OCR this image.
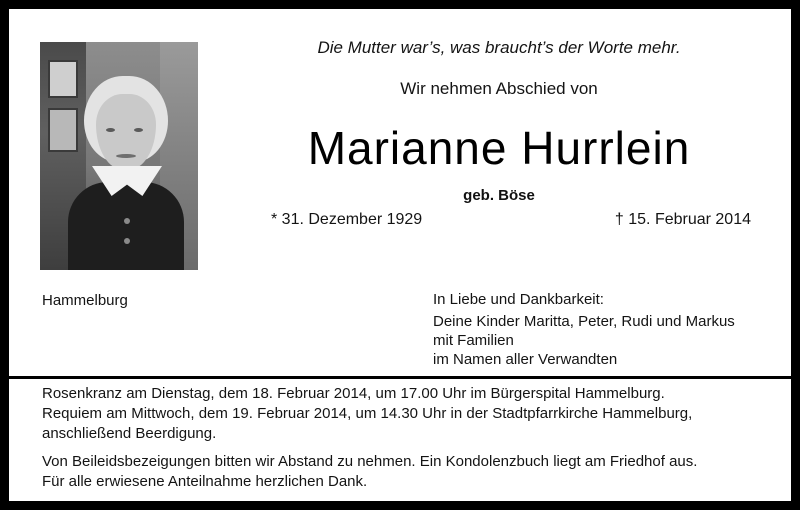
Die Mutter war’s, was braucht’s der Worte mehr.
Wir nehmen Abschied von
Marianne Hurrlein
geb. Böse
* 31. Dezember 1929	† 15. Februar 2014
Hammelburg	In Liebe und Dankbarkeit:
Deine Kinder Maritta, Peter, Rudi und Markus
mit Familien
im Namen aller Verwandten
Rosenkranz am Dienstag, dem 18. Februar 2014, um 17.00 Uhr im Bürgerspital Hammelburg.
Requiem am Mittwoch, dem 19. Februar 2014, um 14.30 Uhr in der Stadtpfarrkirche Hammelburg,
anschließend Beerdigung.
Von Beileidsbezeigungen bitten wir Abstand zu nehmen. Ein Kondolenzbuch liegt am Friedhof aus.
Für alle erwiesene Anteilnahme herzlichen Dank.
